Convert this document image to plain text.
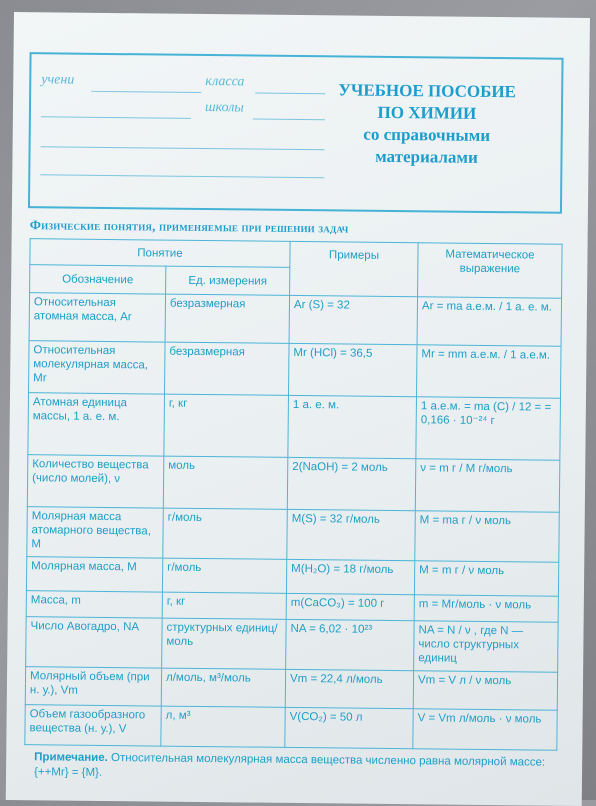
учени	класса
школы
УЧЕБНОЕ ПОСОБИЕ
ПО ХИМИИ
со справочными
материалами
Физические понятия, применяемые при решении задач
Понятие		Примеры	Математическое выражение
Обозначение	Ед. измерения		
Относительная атомная масса, Ar	безразмерная	Ar (S) = 32	Ar = ma а.е.м. / 1 а. е. м.
Относительная молекулярная масса, Mr	безразмерная	Mr (HCl) = 36,5	Mr = mm а.е.м. / 1 а.е.м.
Атомная единица массы, 1 а. е. м.	г, кг	1 а. е. м.	1 а.е.м. = ma (C) / 12 = = 0,166 · 10⁻²⁴ г
Количество вещества (число молей), ν	моль	2(NaOH) = 2 моль	ν = m г / M г/моль
Молярная масса атомарного вещества, M	г/моль	M(S) = 32 г/моль	M = ma г / ν моль
Молярная масса, M	г/моль	M(H₂O) = 18 г/моль	M = m г / ν моль
Масса, m	г, кг	m(CaCO₃) = 100 г	m = Mг/моль · ν моль
Число Авогадро, NA	структурных единиц/моль	NA = 6,02 · 10²³	NA = N / ν , где N — число структурных единиц
Молярный объем (при н. у.), Vm	л/моль, м³/моль	Vm = 22,4 л/моль	Vm = V л / ν моль
Объем газообразного вещества (н. у.), V	л, м³	V(CO₂) = 50 л	V = Vm л/моль · ν моль
Примечание. Относительная молекулярная масса вещества численно равна молярной массе: {++Mr} = {M}.
